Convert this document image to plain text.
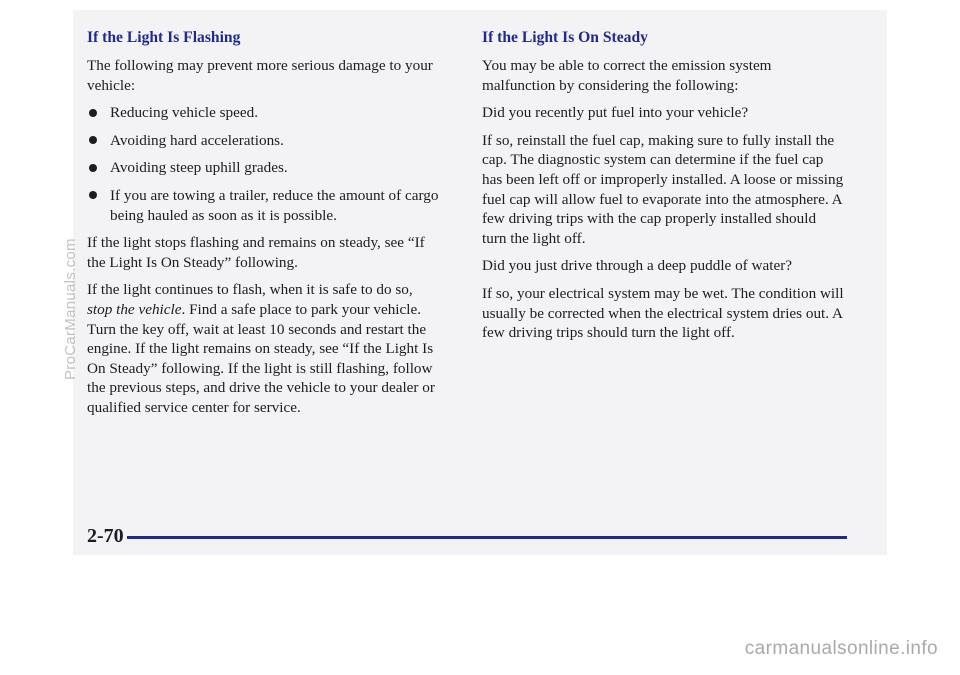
If the Light Is Flashing

The following may prevent more serious damage to your vehicle:

Reducing vehicle speed.
Avoiding hard accelerations.
Avoiding steep uphill grades.
If you are towing a trailer, reduce the amount of cargo being hauled as soon as it is possible.

If the light stops flashing and remains on steady, see “If the Light Is On Steady” following.

If the light continues to flash, when it is safe to do so, stop the vehicle. Find a safe place to park your vehicle. Turn the key off, wait at least 10 seconds and restart the engine. If the light remains on steady, see “If the Light Is On Steady” following. If the light is still flashing, follow the previous steps, and drive the vehicle to your dealer or qualified service center for service.

If the Light Is On Steady

You may be able to correct the emission system malfunction by considering the following:

Did you recently put fuel into your vehicle?

If so, reinstall the fuel cap, making sure to fully install the cap. The diagnostic system can determine if the fuel cap has been left off or improperly installed. A loose or missing fuel cap will allow fuel to evaporate into the atmosphere. A few driving trips with the cap properly installed should turn the light off.

Did you just drive through a deep puddle of water?

If so, your electrical system may be wet. The condition will usually be corrected when the electrical system dries out. A few driving trips should turn the light off.

2-70
ProCarManuals.com
carmanualsonline.info
